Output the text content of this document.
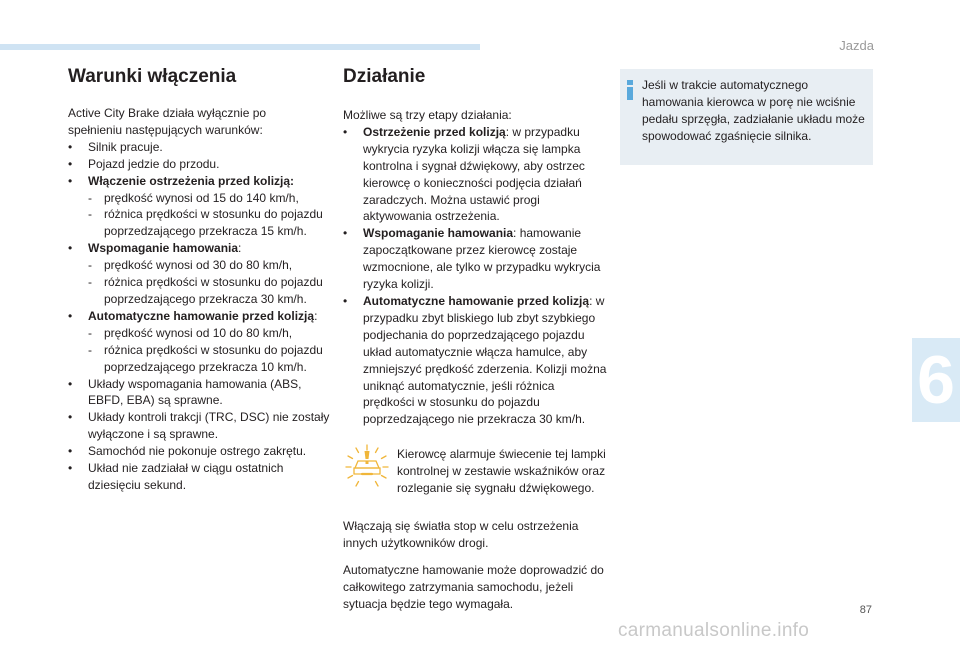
Jazda
Warunki włączenia
Active City Brake działa wyłącznie po
spełnieniu następujących warunków:
• Silnik pracuje.
• Pojazd jedzie do przodu.
• Włączenie ostrzeżenia przed kolizją:
- prędkość wynosi od 15 do 140 km/h,
- różnica prędkości w stosunku do pojazdu poprzedzającego przekracza 15 km/h.
• Wspomaganie hamowania:
- prędkość wynosi od 30 do 80 km/h,
- różnica prędkości w stosunku do pojazdu poprzedzającego przekracza 30 km/h.
• Automatyczne hamowanie przed kolizją:
- prędkość wynosi od 10 do 80 km/h,
- różnica prędkości w stosunku do pojazdu poprzedzającego przekracza 10 km/h.
• Układy wspomagania hamowania (ABS, EBFD, EBA) są sprawne.
• Układy kontroli trakcji (TRC, DSC) nie zostały wyłączone i są sprawne.
• Samochód nie pokonuje ostrego zakrętu.
• Układ nie zadziałał w ciągu ostatnich dziesięciu sekund.
Działanie
Możliwe są trzy etapy działania:
• Ostrzeżenie przed kolizją: w przypadku wykrycia ryzyka kolizji włącza się lampka kontrolna i sygnał dźwiękowy, aby ostrzec kierowcę o konieczności podjęcia działań zaradczych. Można ustawić progi aktywowania ostrzeżenia.
• Wspomaganie hamowania: hamowanie zapoczątkowane przez kierowcę zostaje wzmocnione, ale tylko w przypadku wykrycia ryzyka kolizji.
• Automatyczne hamowanie przed kolizją: w przypadku zbyt bliskiego lub zbyt szybkiego podjechania do poprzedzającego pojazdu układ automatycznie włącza hamulce, aby zmniejszyć prędkość zderzenia. Kolizji można uniknąć automatycznie, jeśli różnica prędkości w stosunku do pojazdu poprzedzającego nie przekracza 30 km/h.
Kierowcę alarmuje świecenie tej lampki kontrolnej w zestawie wskaźników oraz rozleganie się sygnału dźwiękowego.
Włączają się światła stop w celu ostrzeżenia innych użytkowników drogi.
Automatyczne hamowanie może doprowadzić do całkowitego zatrzymania samochodu, jeżeli sytuacja będzie tego wymagała.
Jeśli w trakcie automatycznego hamowania kierowca w porę nie wciśnie pedału sprzęgła, zadziałanie układu może spowodować zgaśnięcie silnika.
6
87
carmanualsonline.info
